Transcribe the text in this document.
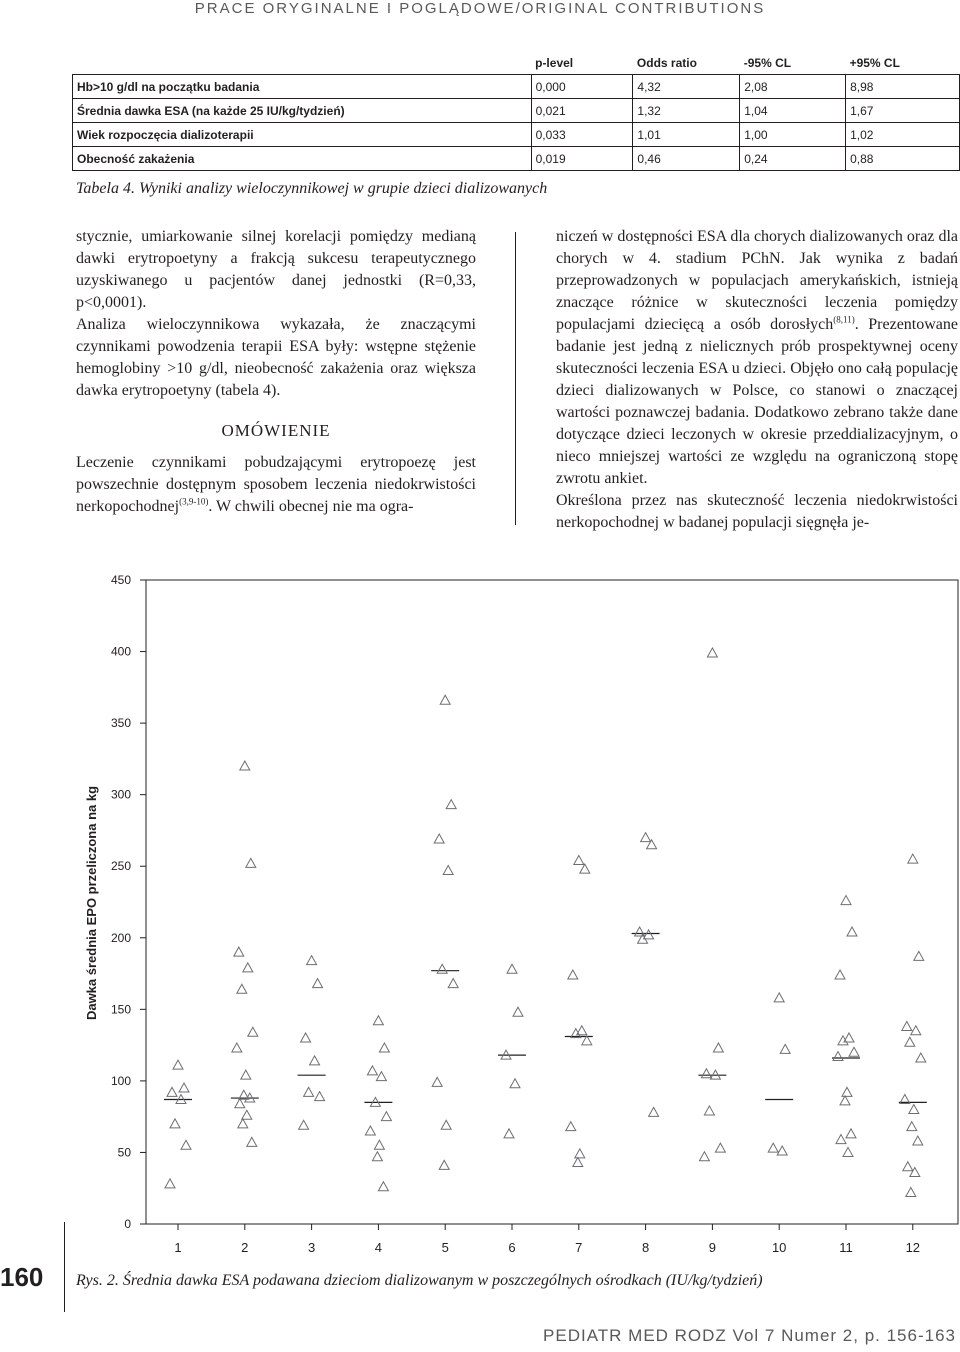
PRACE ORYGINALNE I POGLĄDOWE/ORIGINAL CONTRIBUTIONS
	p-level	Odds ratio	-95% CL	+95% CL
Hb>10 g/dl na początku badania	0,000	4,32	2,08	8,98
Średnia dawka ESA (na każde 25 IU/kg/tydzień)	0,021	1,32	1,04	1,67
Wiek rozpoczęcia dializoterapii	0,033	1,01	1,00	1,02
Obecność zakażenia	0,019	0,46	0,24	0,88
Tabela 4. Wyniki analizy wieloczynnikowej w grupie dzieci dializowanych

stycznie, umiarkowanie silnej korelacji pomiędzy medianą dawki erytropoetyny a frakcją sukcesu terapeutycznego uzyskiwanego u pacjentów danej jednostki (R=0,33, p<0,0001).

Analiza wieloczynnikowa wykazała, że znaczącymi czynnikami powodzenia terapii ESA były: wstępne stężenie hemoglobiny >10 g/dl, nieobecność zakażenia oraz większa dawka erytropoetyny (tabela 4).

OMÓWIENIE

Leczenie czynnikami pobudzającymi erytropoezę jest powszechnie dostępnym sposobem leczenia niedokrwistości nerkopochodnej$^{(3,9-10)}$. W chwili obecnej nie ma ogra-

niczeń w dostępności ESA dla chorych dializowanych oraz dla chorych w 4. stadium PChN. Jak wynika z badań przeprowadzonych w populacjach amerykańskich, istnieją znaczące różnice w skuteczności leczenia pomiędzy populacjami dziecięcą a osób dorosłych$^{(8,11)}$. Prezentowane badanie jest jedną z nielicznych prób prospektywnej oceny skuteczności leczenia ESA u dzieci. Objęło ono całą populację dzieci dializowanych w Polsce, co stanowi o znaczącej wartości poznawczej badania. Dodatkowo zebrano także dane dotyczące dzieci leczonych w okresie przeddializacyjnym, o nieco mniejszej wartości ze względu na ograniczoną stopę zwrotu ankiet.

Określona przez nas skuteczność leczenia niedokrwistości nerkopochodnej w badanej populacji sięgnęła je-

0
50
100
150
200
250
300
350
400
450
1	2	3	4	5	6	7	8	9	10	11	12
Dawka średnia EPO przeliczona na kg
Rys. 2. Średnia dawka ESA podawana dzieciom dializowanym w poszczególnych ośrodkach (IU/kg/tydzień)
160
PEDIATR MED RODZ Vol 7 Numer 2, p. 156-163
